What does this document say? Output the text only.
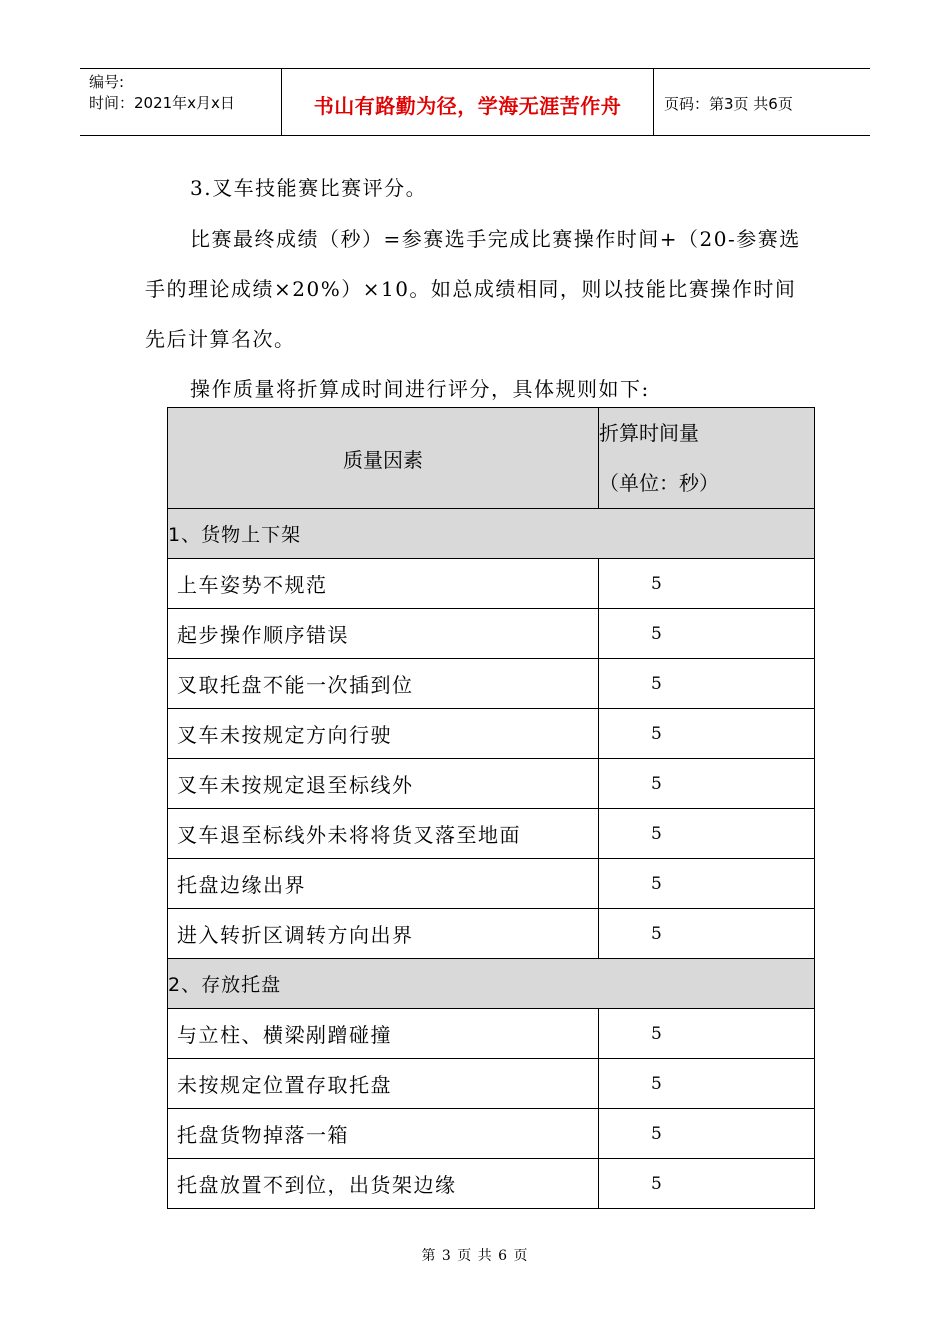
编号:
时间：2021年x月x日	书山有路勤为径，学海无涯苦作舟	页码：第3页 共6页
3.叉车技能赛比赛评分。
比赛最终成绩（秒）=参赛选手完成比赛操作时间+（20-参赛选
手的理论成绩×20%）×10。如总成绩相同，则以技能比赛操作时间
先后计算名次。
操作质量将折算成时间进行评分，具体规则如下:
质量因素	折算时间量
（单位：秒）

1、货物上下架	
上车姿势不规范	5
起步操作顺序错误	5
叉取托盘不能一次插到位	5
叉车未按规定方向行驶	5
叉车未按规定退至标线外	5
叉车退至标线外未将将货叉落至地面	5
托盘边缘出界	5
进入转折区调转方向出界	5
2、存放托盘	
与立柱、横梁剐蹭碰撞	5
未按规定位置存取托盘	5
托盘货物掉落一箱	5
托盘放置不到位，出货架边缘	5
第 3 页 共 6 页
